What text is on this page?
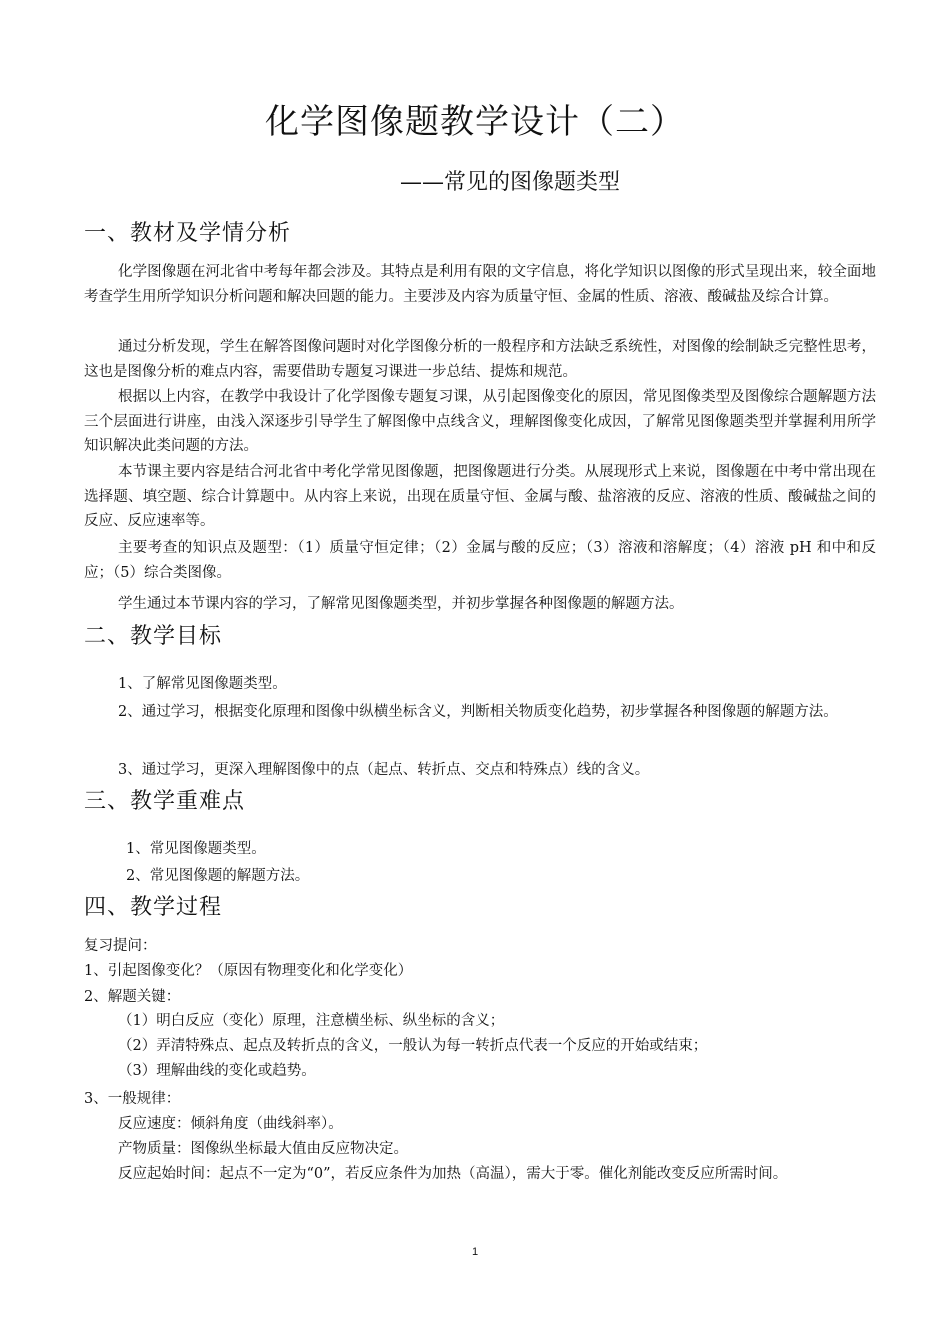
化学图像题教学设计（二）
——常见的图像题类型
一、教材及学情分析
化学图像题在河北省中考每年都会涉及。其特点是利用有限的文字信息，将化学知识以图像的形式呈现出来，较全面地考查学生用所学知识分析问题和解决回题的能力。主要涉及内容为质量守恒、金属的性质、溶液、酸碱盐及综合计算。
通过分析发现，学生在解答图像问题时对化学图像分析的一般程序和方法缺乏系统性，对图像的绘制缺乏完整性思考，这也是图像分析的难点内容，需要借助专题复习课进一步总结、提炼和规范。
根据以上内容，在教学中我设计了化学图像专题复习课，从引起图像变化的原因，常见图像类型及图像综合题解题方法三个层面进行讲座，由浅入深逐步引导学生了解图像中点线含义，理解图像变化成因，了解常见图像题类型并掌握利用所学知识解决此类问题的方法。
本节课主要内容是结合河北省中考化学常见图像题，把图像题进行分类。从展现形式上来说，图像题在中考中常出现在选择题、填空题、综合计算题中。从内容上来说，出现在质量守恒、金属与酸、盐溶液的反应、溶液的性质、酸碱盐之间的反应、反应速率等。
主要考查的知识点及题型：（1）质量守恒定律；（2）金属与酸的反应；（3）溶液和溶解度；（4）溶液 pH 和中和反应；（5）综合类图像。
学生通过本节课内容的学习，了解常见图像题类型，并初步掌握各种图像题的解题方法。
二、教学目标
1、了解常见图像题类型。
2、通过学习，根据变化原理和图像中纵横坐标含义，判断相关物质变化趋势，初步掌握各种图像题的解题方法。
3、通过学习，更深入理解图像中的点（起点、转折点、交点和特殊点）线的含义。
三、教学重难点
1、常见图像题类型。
2、常见图像题的解题方法。
四、教学过程
复习提问：
1、引起图像变化？（原因有物理变化和化学变化）
2、解题关键：
（1）明白反应（变化）原理，注意横坐标、纵坐标的含义；
（2）弄清特殊点、起点及转折点的含义，一般认为每一转折点代表一个反应的开始或结束；
（3）理解曲线的变化或趋势。
3、一般规律：
反应速度：倾斜角度（曲线斜率）。
产物质量：图像纵坐标最大值由反应物决定。
反应起始时间：起点不一定为“0”，若反应条件为加热（高温），需大于零。催化剂能改变反应所需时间。
1
